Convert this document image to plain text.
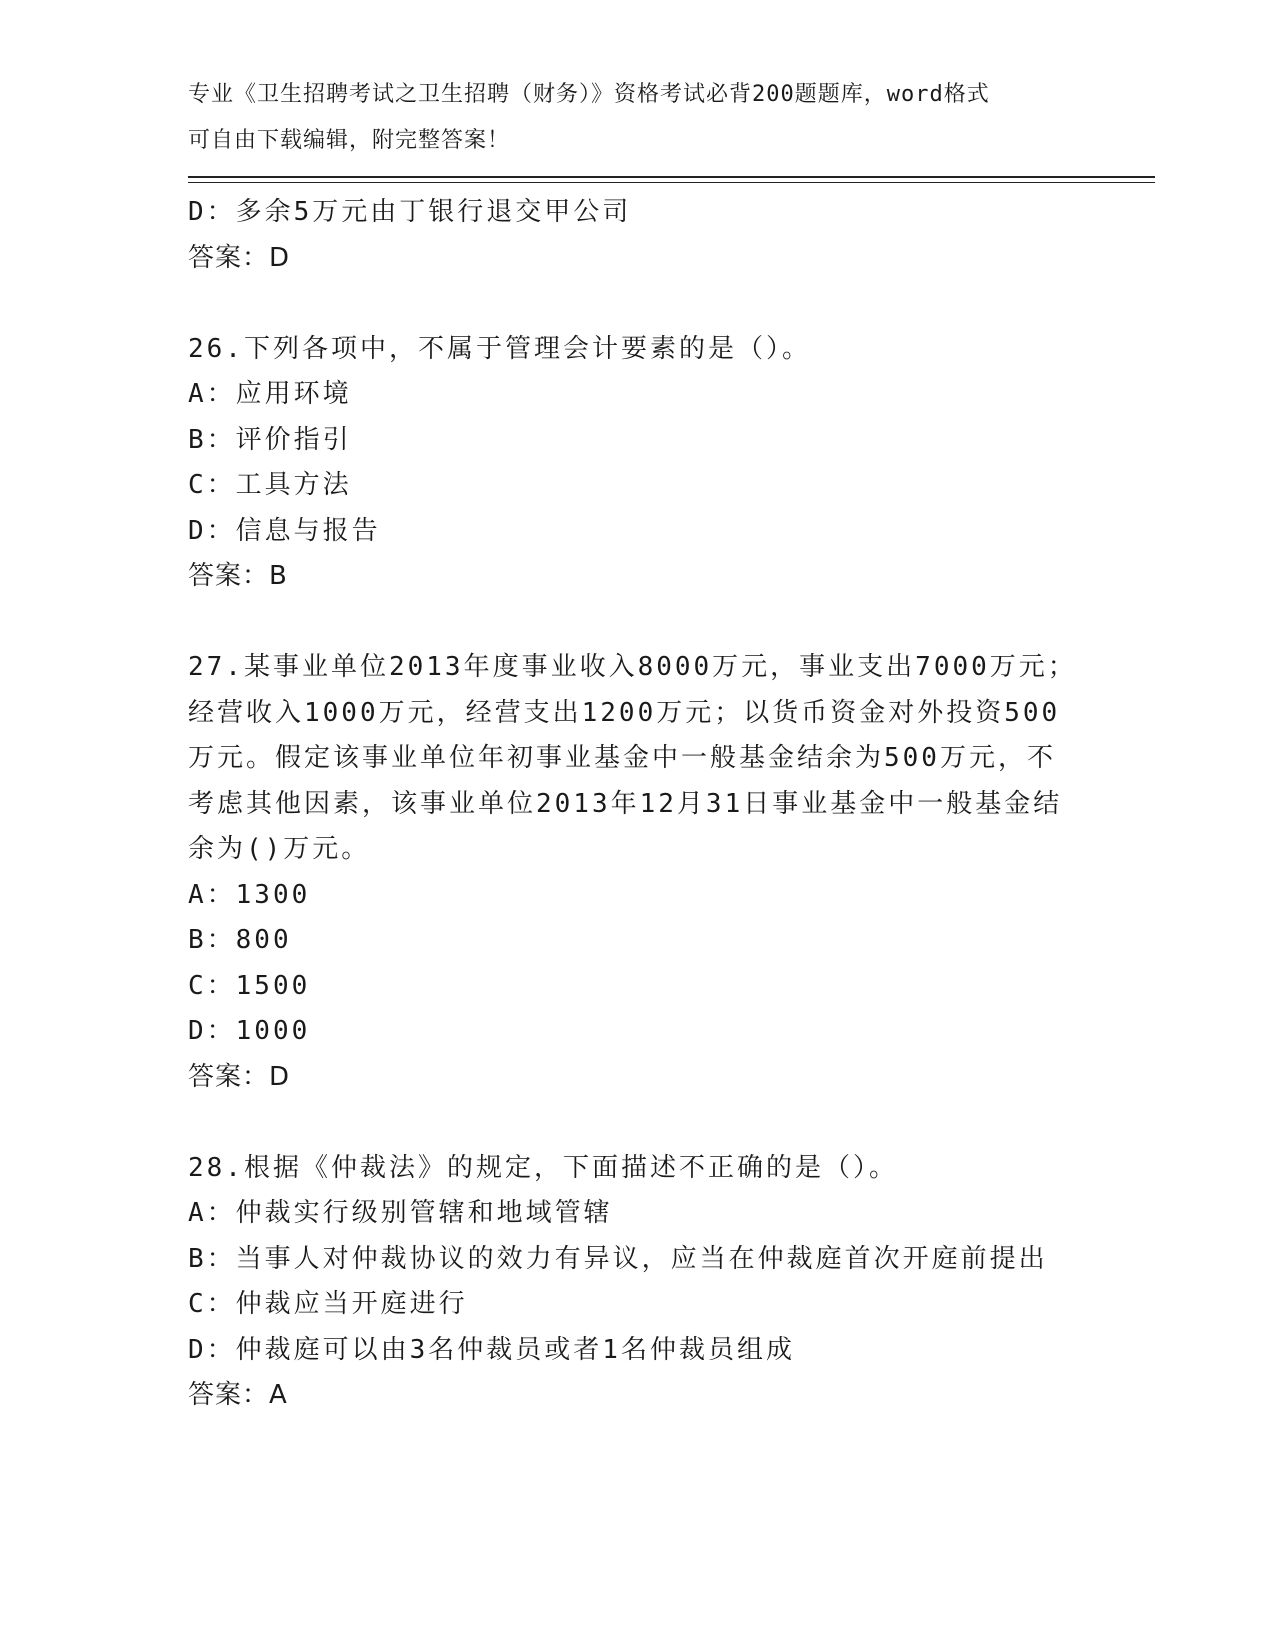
专业《卫生招聘考试之卫生招聘（财务）》资格考试必背200题题库，word格式
可自由下载编辑，附完整答案！
D：多余5万元由丁银行退交甲公司
答案：D
26.下列各项中，不属于管理会计要素的是（）。
A：应用环境
B：评价指引
C：工具方法
D：信息与报告
答案：B
27.某事业单位2013年度事业收入8000万元，事业支出7000万元；
经营收入1000万元，经营支出1200万元；以货币资金对外投资500
万元。假定该事业单位年初事业基金中一般基金结余为500万元，不
考虑其他因素，该事业单位2013年12月31日事业基金中一般基金结
余为()万元。
A：1300
B：800
C：1500
D：1000
答案：D
28.根据《仲裁法》的规定，下面描述不正确的是（）。
A：仲裁实行级别管辖和地域管辖
B：当事人对仲裁协议的效力有异议，应当在仲裁庭首次开庭前提出
C：仲裁应当开庭进行
D：仲裁庭可以由3名仲裁员或者1名仲裁员组成
答案：A
